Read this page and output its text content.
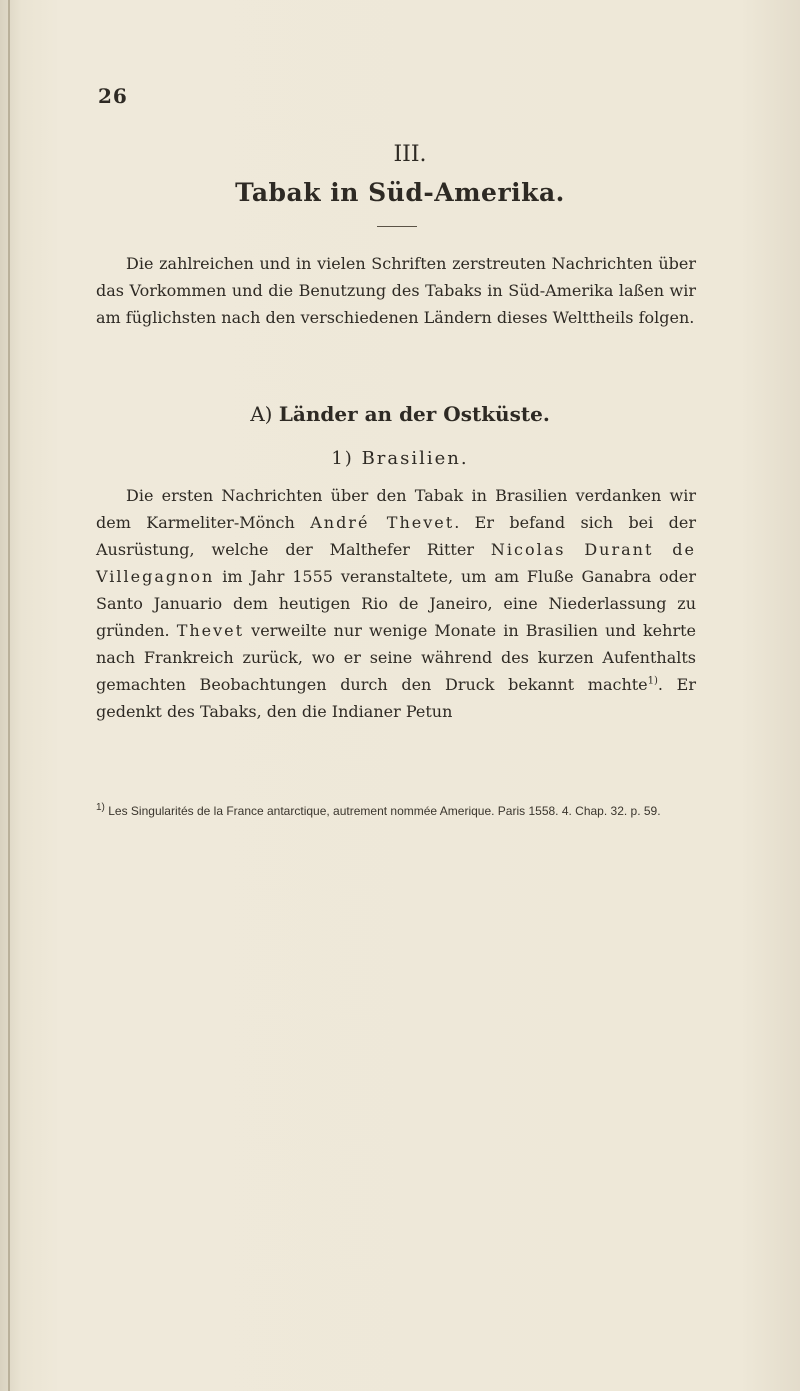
26
III.
Tabak in Süd-Amerika.
Die zahlreichen und in vielen Schriften zerstreuten Nachrichten über das Vorkommen und die Benutzung des Tabaks in Süd-Amerika laßen wir am füglichsten nach den verschiedenen Ländern dieses Welttheils folgen.
A) Länder an der Ostküste.
1) Brasilien.
Die ersten Nachrichten über den Tabak in Brasilien verdanken wir dem Karmeliter-Mönch André Thevet. Er befand sich bei der Ausrüstung, welche der Malthefer Ritter Nicolas Durant de Villegagnon im Jahr 1555 veranstaltete, um am Fluße Ganabra oder Santo Januario dem heutigen Rio de Janeiro, eine Niederlassung zu gründen. Thevet verweilte nur wenige Monate in Brasilien und kehrte nach Frankreich zurück, wo er seine während des kurzen Aufenthalts gemachten Beobachtungen durch den Druck bekannt machte$^{1)}$. Er gedenkt des Tabaks, den die Indianer Petun
$^{1)}$ Les Singularités de la France antarctique, autrement nommée Amerique. Paris 1558. 4. Chap. 32. p. 59.
